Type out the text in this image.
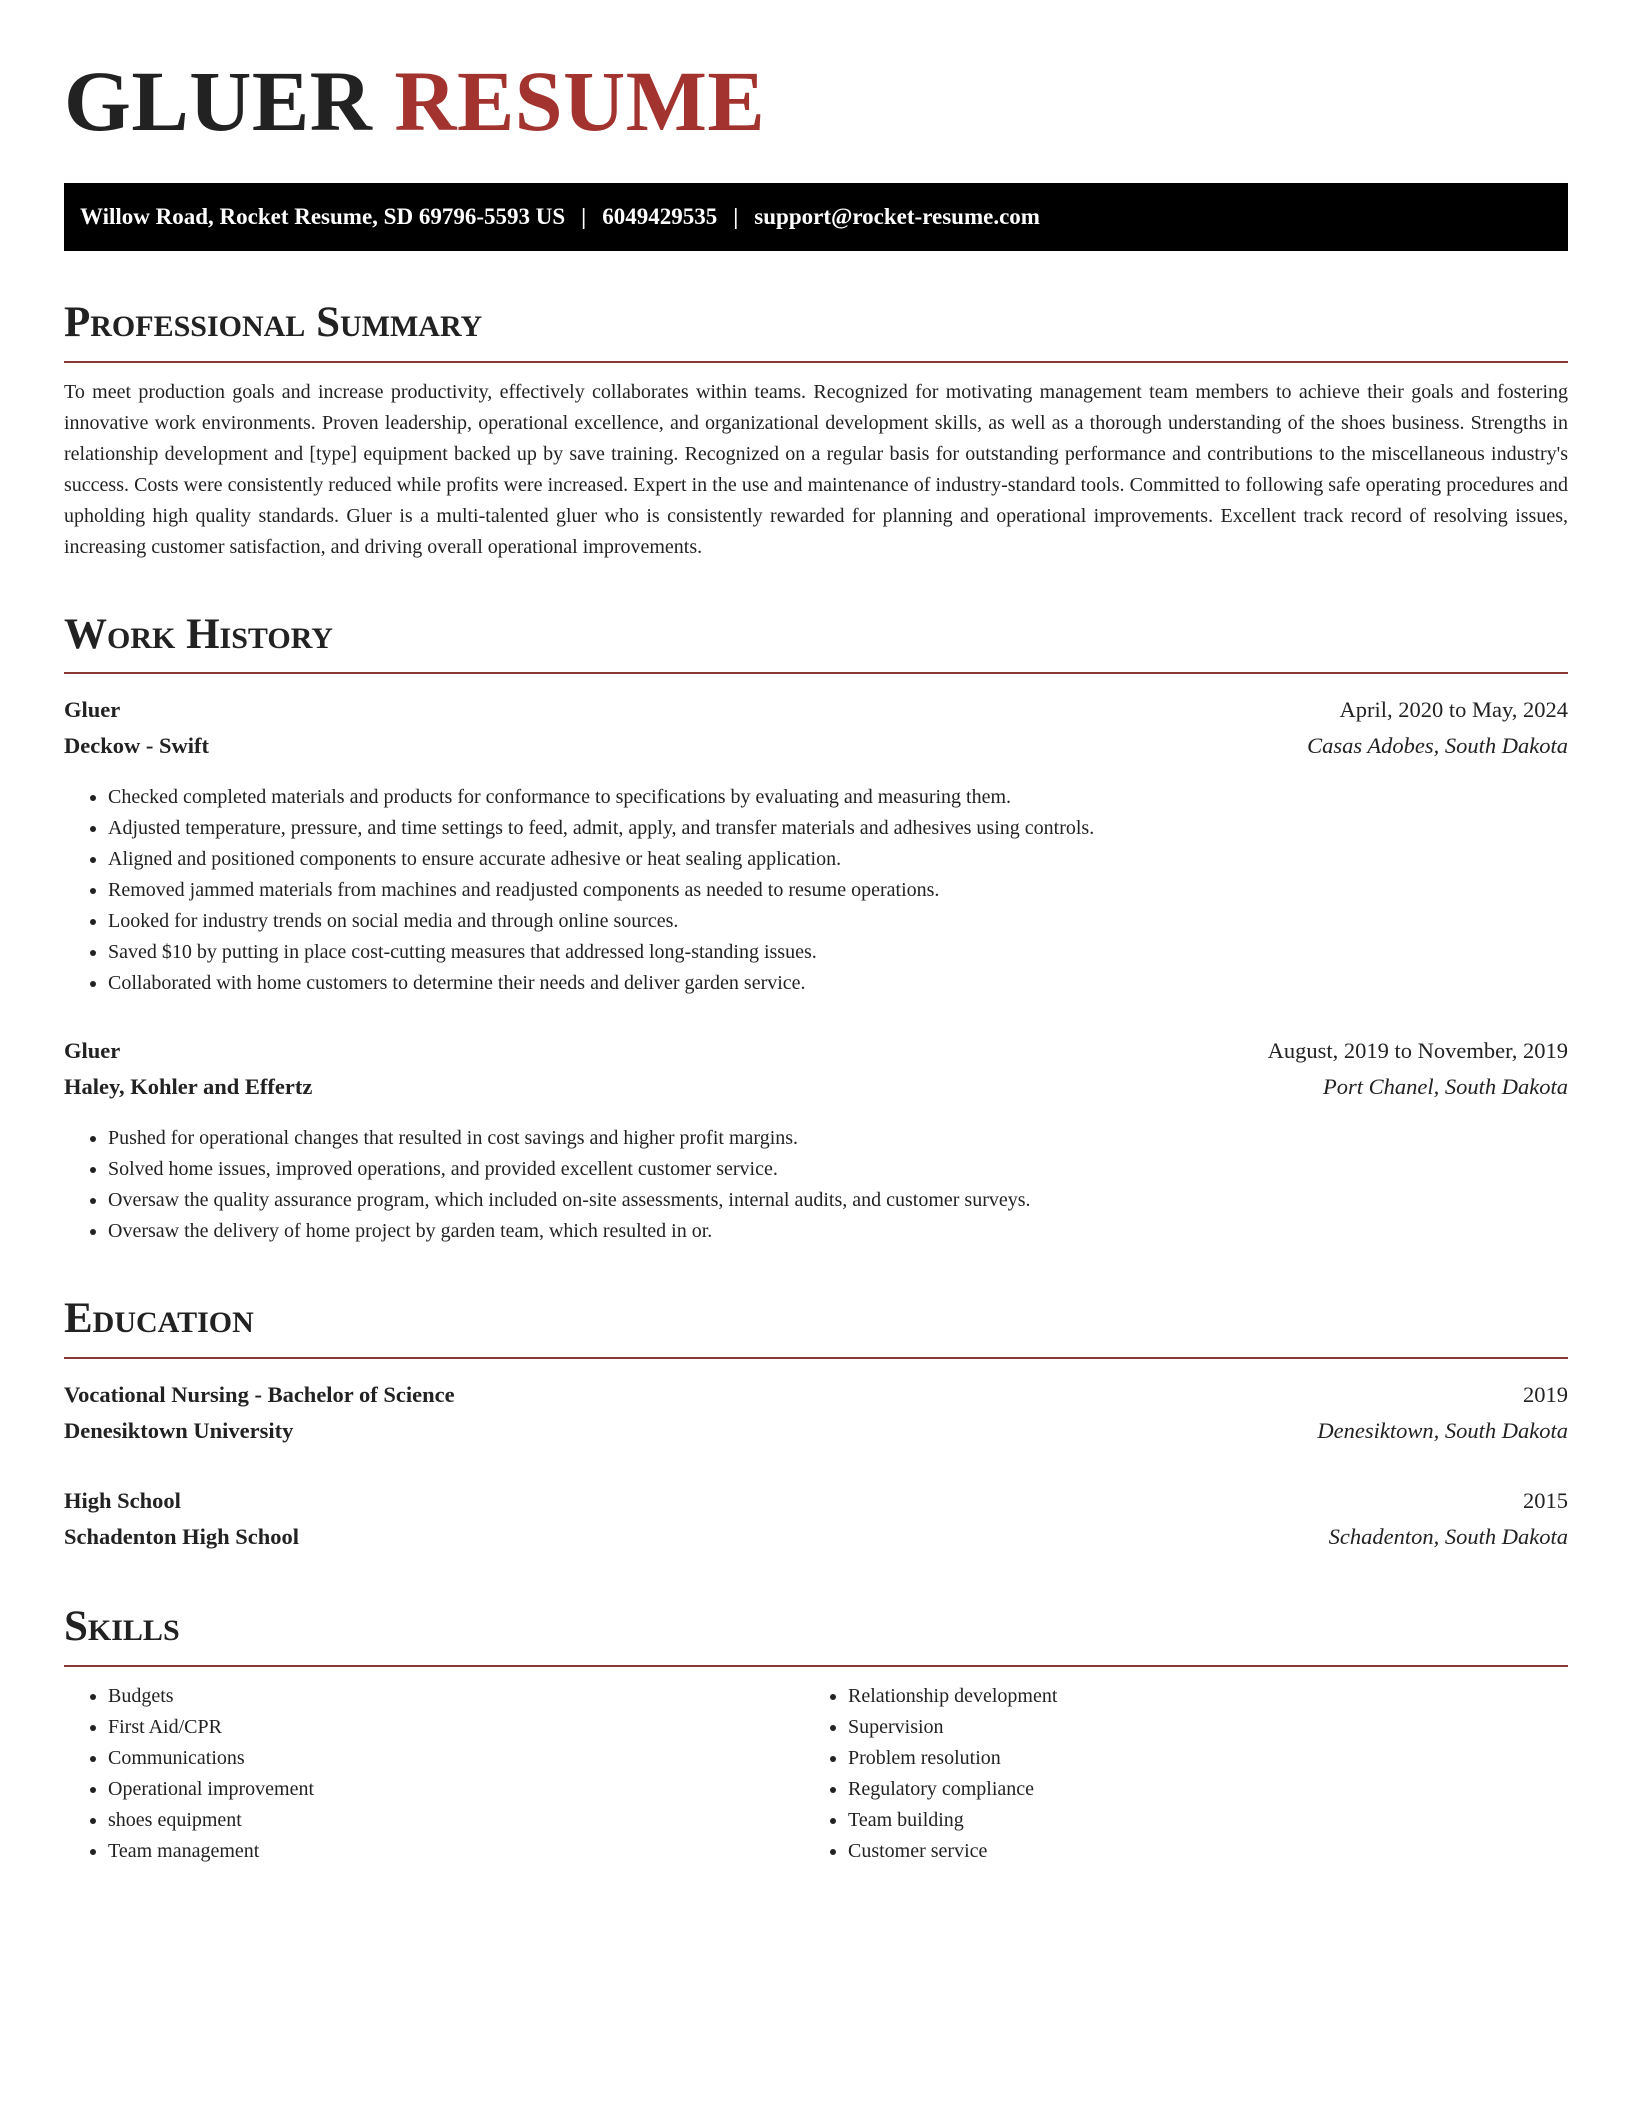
GLUER RESUME
Willow Road, Rocket Resume, SD 69796-5593 US | 6049429535 | support@rocket-resume.com
Professional Summary

To meet production goals and increase productivity, effectively collaborates within teams. Recognized for motivating management team members to achieve their goals and fostering innovative work environments. Proven leadership, operational excellence, and organizational development skills, as well as a thorough understanding of the shoes business. Strengths in relationship development and [type] equipment backed up by save training. Recognized on a regular basis for outstanding performance and contributions to the miscellaneous industry's success. Costs were consistently reduced while profits were increased. Expert in the use and maintenance of industry-standard tools. Committed to following safe operating procedures and upholding high quality standards. Gluer is a multi-talented gluer who is consistently rewarded for planning and operational improvements. Excellent track record of resolving issues, increasing customer satisfaction, and driving overall operational improvements.

Work History
Gluer	April, 2020 to May, 2024
Deckow - Swift	Casas Adobes, South Dakota
• Checked completed materials and products for conformance to specifications by evaluating and measuring them.
• Adjusted temperature, pressure, and time settings to feed, admit, apply, and transfer materials and adhesives using controls.
• Aligned and positioned components to ensure accurate adhesive or heat sealing application.
• Removed jammed materials from machines and readjusted components as needed to resume operations.
• Looked for industry trends on social media and through online sources.
• Saved $10 by putting in place cost-cutting measures that addressed long-standing issues.
• Collaborated with home customers to determine their needs and deliver garden service.
Gluer	August, 2019 to November, 2019
Haley, Kohler and Effertz	Port Chanel, South Dakota
• Pushed for operational changes that resulted in cost savings and higher profit margins.
• Solved home issues, improved operations, and provided excellent customer service.
• Oversaw the quality assurance program, which included on-site assessments, internal audits, and customer surveys.
• Oversaw the delivery of home project by garden team, which resulted in or.
Education
Vocational Nursing - Bachelor of Science	2019
Denesiktown University	Denesiktown, South Dakota
High School	2015
Schadenton High School	Schadenton, South Dakota
Skills
• Budgets
• First Aid/CPR
• Communications
• Operational improvement
• shoes equipment
• Team management
• Relationship development
• Supervision
• Problem resolution
• Regulatory compliance
• Team building
• Customer service
